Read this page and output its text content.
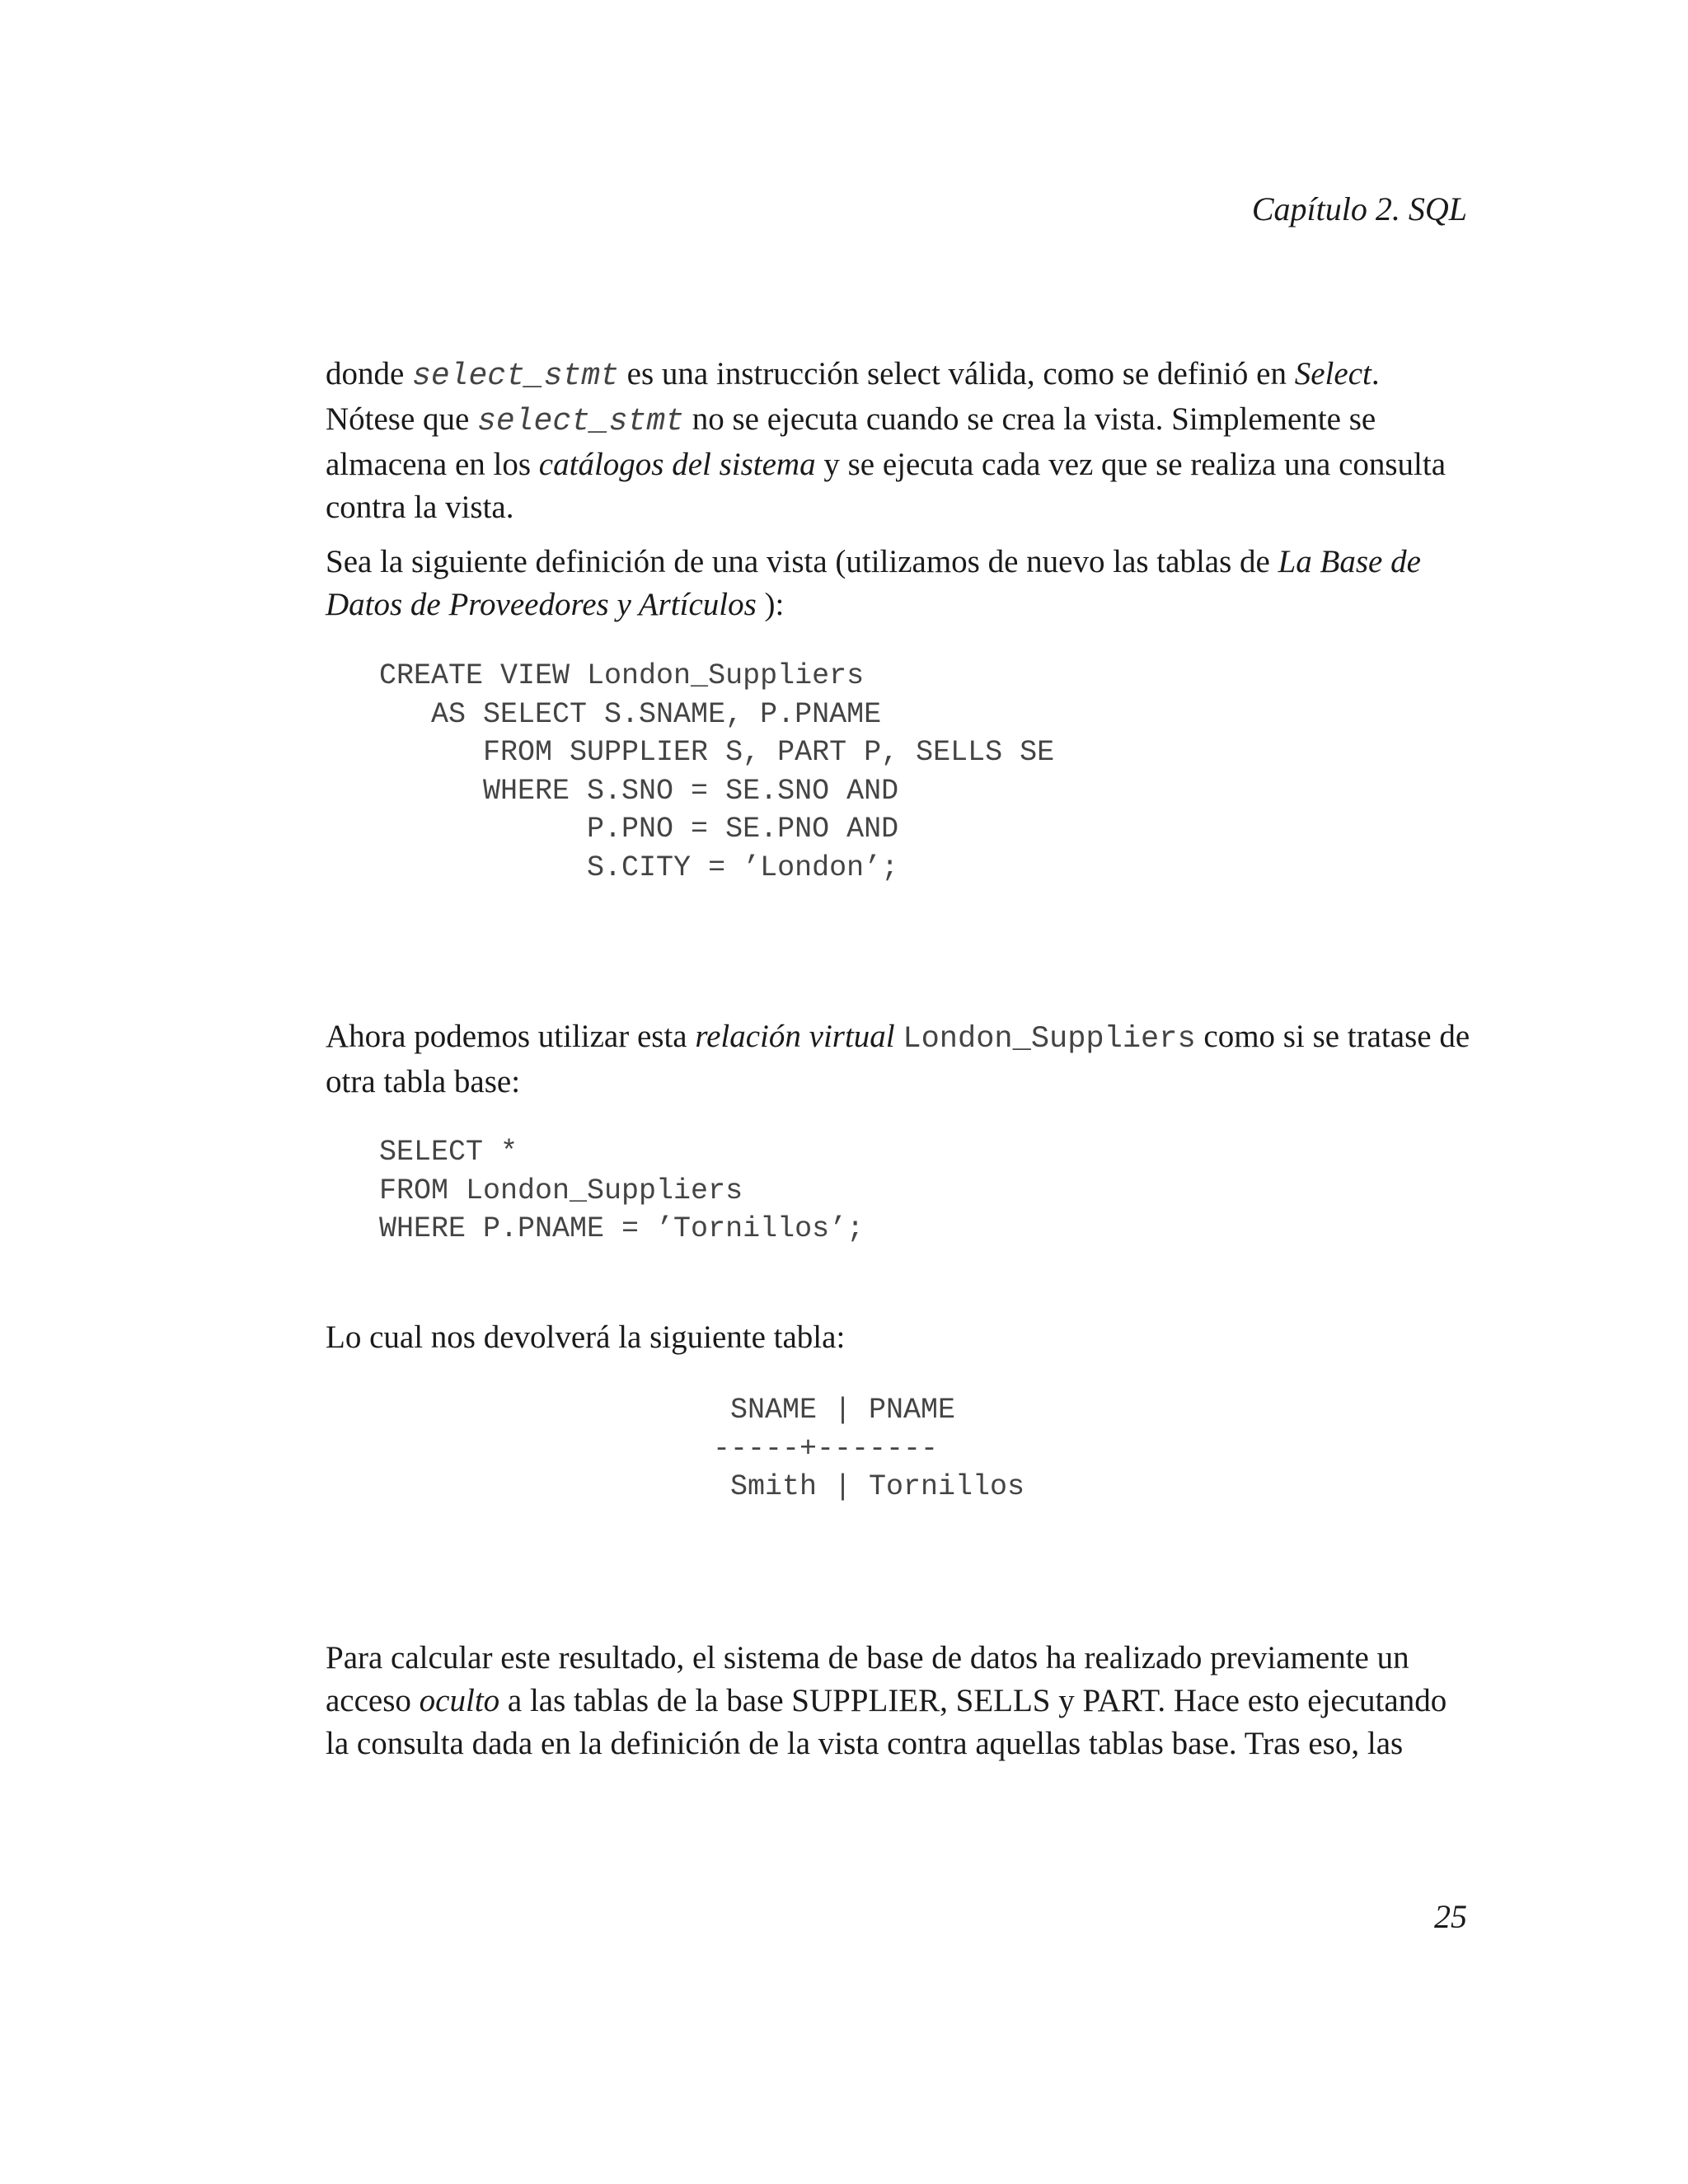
Capítulo 2. SQL

donde select_stmt es una instrucción select válida, como se definió en Select. Nótese que select_stmt no se ejecuta cuando se crea la vista. Simplemente se almacena en los catálogos del sistema y se ejecuta cada vez que se realiza una consulta contra la vista.

Sea la siguiente definición de una vista (utilizamos de nuevo las tablas de La Base de Datos de Proveedores y Artículos ):

CREATE VIEW London_Suppliers
AS SELECT S.SNAME, P.PNAME
FROM SUPPLIER S, PART P, SELLS SE
WHERE S.SNO = SE.SNO AND
P.PNO = SE.PNO AND
S.CITY = ’London’;

Ahora podemos utilizar esta relación virtual London_Suppliers como si se tratase de otra tabla base:

SELECT *
FROM London_Suppliers
WHERE P.PNAME = ’Tornillos’;

Lo cual nos devolverá la siguiente tabla:

SNAME | PNAME
-----+-------
Smith | Tornillos

Para calcular este resultado, el sistema de base de datos ha realizado previamente un acceso oculto a las tablas de la base SUPPLIER, SELLS y PART. Hace esto ejecutando la consulta dada en la definición de la vista contra aquellas tablas base. Tras eso, las

25
